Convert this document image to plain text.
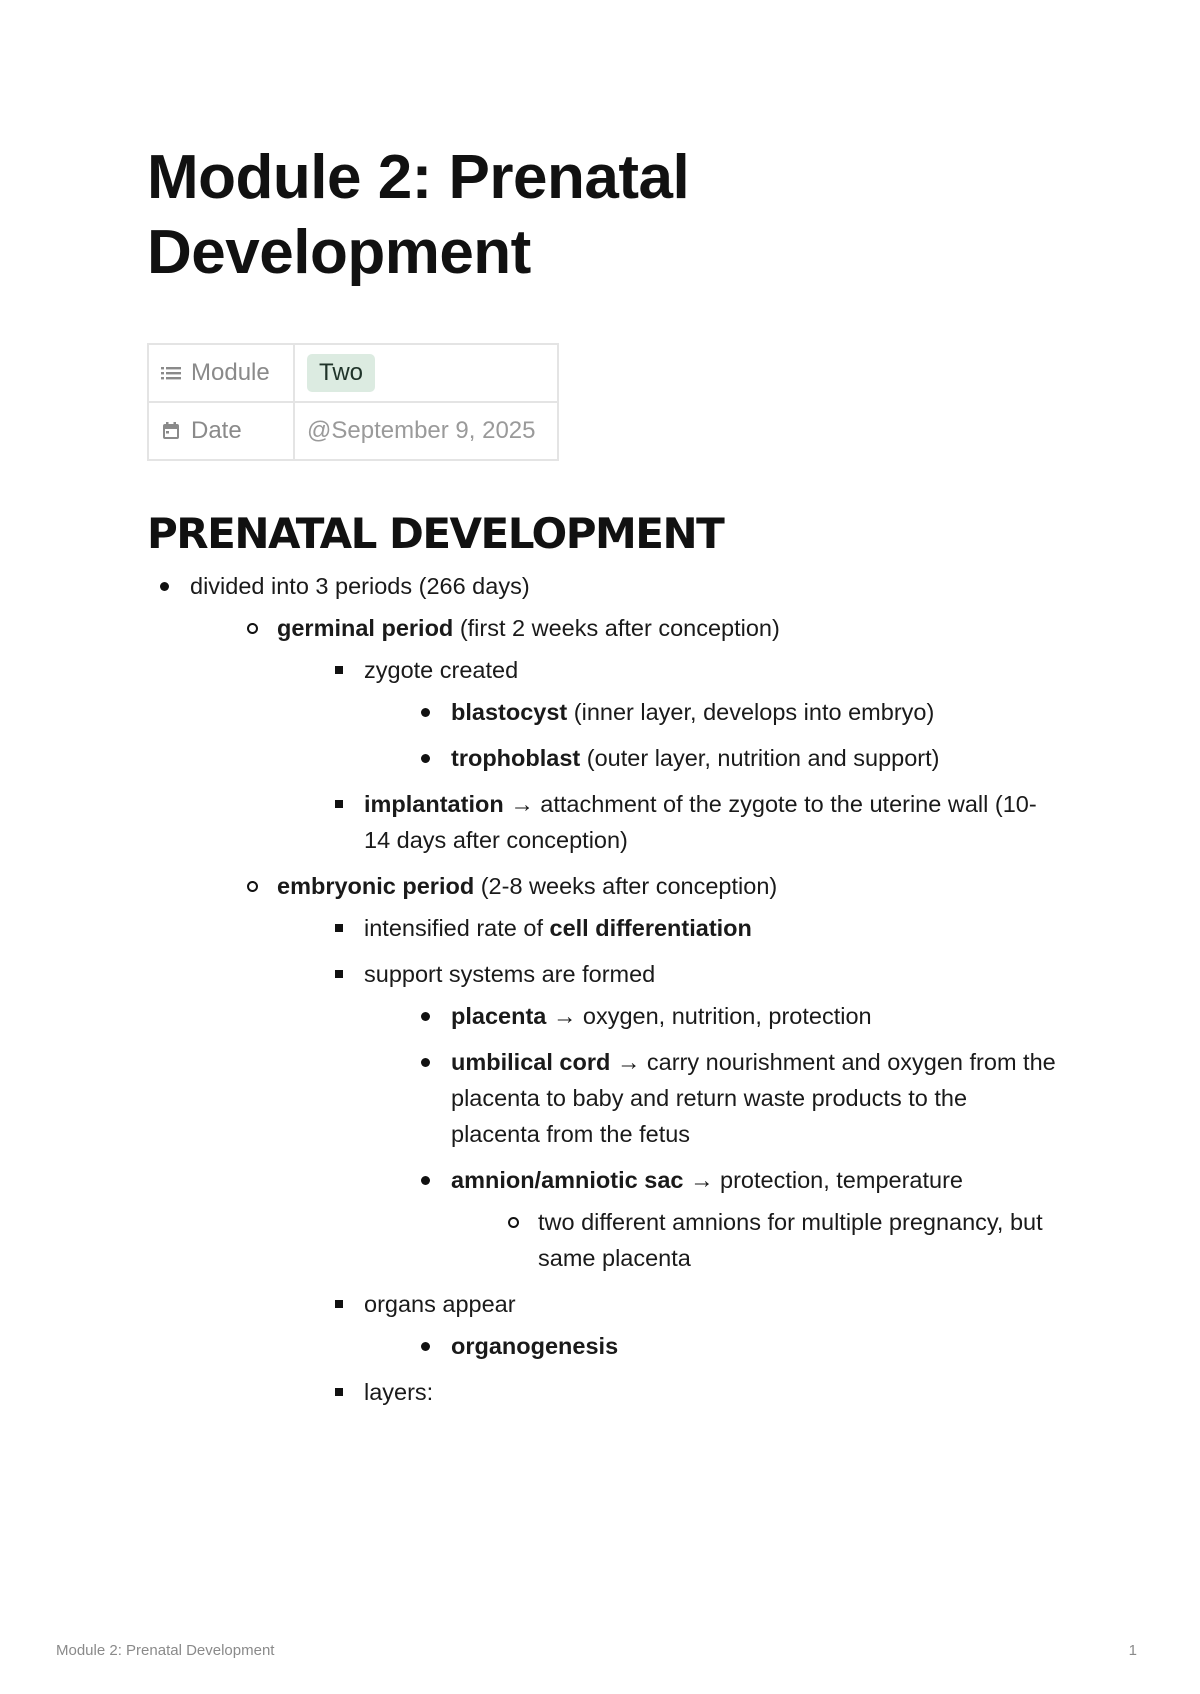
Module 2: Prenatal
Development
Module	Two
Date	@September 9, 2025
PRENATAL DEVELOPMENT
divided into 3 periods (266 days)
germinal period (first 2 weeks after conception)
zygote created
blastocyst (inner layer, develops into embryo)
trophoblast (outer layer, nutrition and support)
implantation → attachment of the zygote to the uterine wall (10-14 days after conception)
embryonic period (2-8 weeks after conception)
intensified rate of cell differentiation
support systems are formed
placenta → oxygen, nutrition, protection
umbilical cord → carry nourishment and oxygen from the placenta to baby and return waste products to the placenta from the fetus
amnion/amniotic sac → protection, temperature
two different amnions for multiple pregnancy, but same placenta
organs appear
organogenesis
layers:
Module 2: Prenatal Development	1
